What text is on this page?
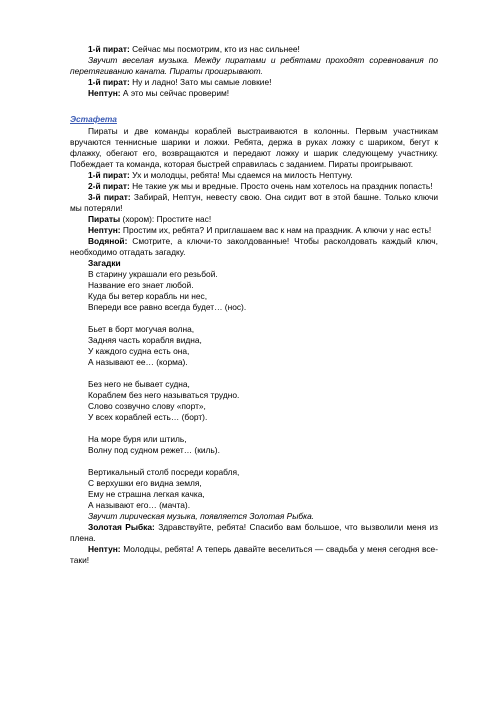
1-й пират: Сейчас мы посмотрим, кто из нас сильнее!

Звучит веселая музыка. Между пиратами и ребятами проходят соревнования по перетягиванию каната. Пираты проигрывают.

1-й пират: Ну и ладно! Зато мы самые ловкие!

Нептун: А это мы сейчас проверим!

Эстафета

Пираты и две команды кораблей выстраиваются в колонны. Первым участникам вручаются теннисные шарики и ложки. Ребята, держа в руках ложку с шариком, бегут к флажку, обегают его, возвращаются и передают ложку и шарик следующему участнику. Побеждает та команда, которая быстрей справилась с заданием. Пираты проигрывают.

1-й пират: Ух и молодцы, ребята! Мы сдаемся на милость Нептуну.

2-й пират: Не такие уж мы и вредные. Просто очень нам хотелось на праздник попасть!

3-й пират: Забирай, Нептун, невесту свою. Она сидит вот в этой башне. Только ключи мы потеряли!

Пираты (хором): Простите нас!

Нептун: Простим их, ребята? И приглашаем вас к нам на праздник. А ключи у нас есть!

Водяной: Смотрите, а ключи-то заколдованные! Чтобы расколдовать каждый ключ, необходимо отгадать загадку.

Загадки
В старину украшали его резьбой.
Название его знает любой.
Куда бы ветер корабль ни нес,
Впереди все равно всегда будет… (нос).
Бьет в борт могучая волна,
Задняя часть корабля видна,
У каждого судна есть она,
А называют ее… (корма).
Без него не бывает судна,
Кораблем без него называться трудно.
Слово созвучно слову «порт»,
У всех кораблей есть… (борт).
На море буря или штиль,
Волну под судном режет… (киль).
Вертикальный столб посреди корабля,
С верхушки его видна земля,
Ему не страшна легкая качка,
А называют его… (мачта).

Звучит лирическая музыка, появляется Золотая Рыбка.

Золотая Рыбка: Здравствуйте, ребята! Спасибо вам большое, что вызволили меня из плена.

Нептун: Молодцы, ребята! А теперь давайте веселиться — свадьба у меня сегодня все-таки!
